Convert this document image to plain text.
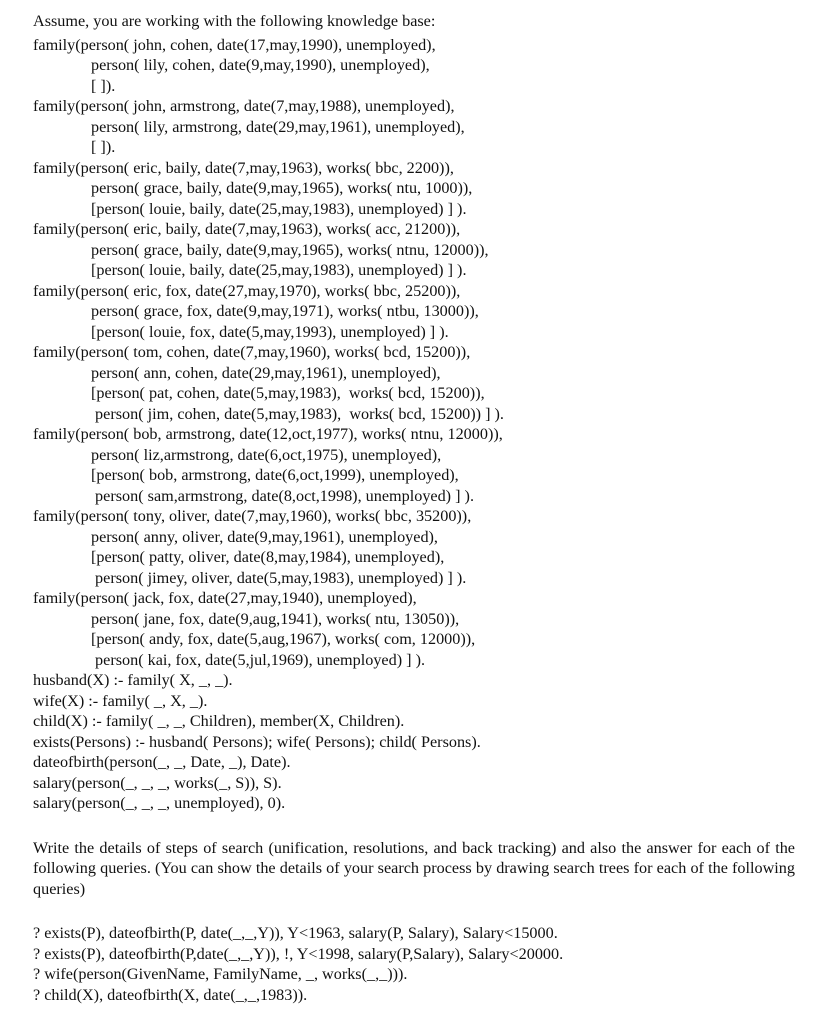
Assume, you are working with the following knowledge base:
family(person( john, cohen, date(17,may,1990), unemployed),
person( lily, cohen, date(9,may,1990), unemployed),
[ ]).
family(person( john, armstrong, date(7,may,1988), unemployed),
person( lily, armstrong, date(29,may,1961), unemployed),
[ ]).
family(person( eric, baily, date(7,may,1963), works( bbc, 2200)),
person( grace, baily, date(9,may,1965), works( ntu, 1000)),
[person( louie, baily, date(25,may,1983), unemployed) ] ).
family(person( eric, baily, date(7,may,1963), works( acc, 21200)),
person( grace, baily, date(9,may,1965), works( ntnu, 12000)),
[person( louie, baily, date(25,may,1983), unemployed) ] ).
family(person( eric, fox, date(27,may,1970), works( bbc, 25200)),
person( grace, fox, date(9,may,1971), works( ntbu, 13000)),
[person( louie, fox, date(5,may,1993), unemployed) ] ).
family(person( tom, cohen, date(7,may,1960), works( bcd, 15200)),
person( ann, cohen, date(29,may,1961), unemployed),
[person( pat, cohen, date(5,may,1983),  works( bcd, 15200)),
person( jim, cohen, date(5,may,1983),  works( bcd, 15200)) ] ).
family(person( bob, armstrong, date(12,oct,1977), works( ntnu, 12000)),
person( liz,armstrong, date(6,oct,1975), unemployed),
[person( bob, armstrong, date(6,oct,1999), unemployed),
person( sam,armstrong, date(8,oct,1998), unemployed) ] ).
family(person( tony, oliver, date(7,may,1960), works( bbc, 35200)),
person( anny, oliver, date(9,may,1961), unemployed),
[person( patty, oliver, date(8,may,1984), unemployed),
person( jimey, oliver, date(5,may,1983), unemployed) ] ).
family(person( jack, fox, date(27,may,1940), unemployed),
person( jane, fox, date(9,aug,1941), works( ntu, 13050)),
[person( andy, fox, date(5,aug,1967), works( com, 12000)),
person( kai, fox, date(5,jul,1969), unemployed) ] ).
husband(X) :- family( X, _, _).
wife(X) :- family( _, X, _).
child(X) :- family( _, _, Children), member(X, Children).
exists(Persons) :- husband( Persons); wife( Persons); child( Persons).
dateofbirth(person(_, _, Date, _), Date).
salary(person(_, _, _, works(_, S)), S).
salary(person(_, _, _, unemployed), 0).
Write the details of steps of search (unification, resolutions, and back tracking) and also the answer for each of the following queries. (You can show the details of your search process by drawing search trees for each of the following queries)
? exists(P), dateofbirth(P, date(_,_,Y)), Y<1963, salary(P, Salary), Salary<15000.
? exists(P), dateofbirth(P,date(_,_,Y)), !, Y<1998, salary(P,Salary), Salary<20000.
? wife(person(GivenName, FamilyName, _, works(_,_))).
? child(X), dateofbirth(X, date(_,_,1983)).
